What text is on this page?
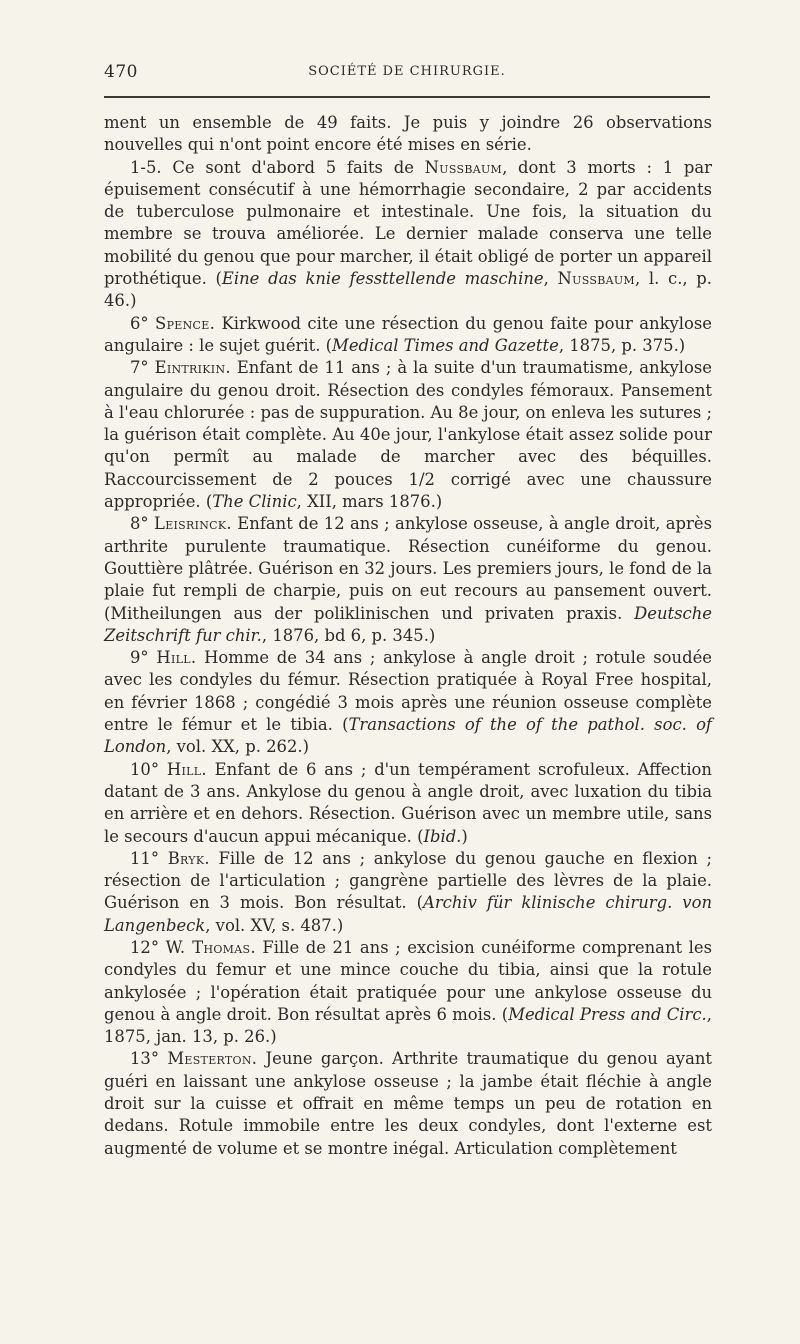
470	SOCIÉTÉ DE CHIRURGIE.

ment un ensemble de 49 faits. Je puis y joindre 26 observations nouvelles qui n'ont point encore été mises en série.

1-5. Ce sont d'abord 5 faits de Nussbaum, dont 3 morts : 1 par épuisement consécutif à une hémorrhagie secondaire, 2 par accidents de tuberculose pulmonaire et intestinale. Une fois, la situation du membre se trouva améliorée. Le dernier malade conserva une telle mobilité du genou que pour marcher, il était obligé de porter un appareil prothétique. (Eine das knie fessttellende maschine, Nussbaum, l. c., p. 46.)

6° Spence. Kirkwood cite une résection du genou faite pour ankylose angulaire : le sujet guérit. (Medical Times and Gazette, 1875, p. 375.)

7° Eintrikin. Enfant de 11 ans ; à la suite d'un traumatisme, ankylose angulaire du genou droit. Résection des condyles fémoraux. Pansement à l'eau chlorurée : pas de suppuration. Au 8e jour, on enleva les sutures ; la guérison était complète. Au 40e jour, l'ankylose était assez solide pour qu'on permît au malade de marcher avec des béquilles. Raccourcissement de 2 pouces 1/2 corrigé avec une chaussure appropriée. (The Clinic, XII, mars 1876.)

8° Leisrinck. Enfant de 12 ans ; ankylose osseuse, à angle droit, après arthrite purulente traumatique. Résection cunéiforme du genou. Gouttière plâtrée. Guérison en 32 jours. Les premiers jours, le fond de la plaie fut rempli de charpie, puis on eut recours au pansement ouvert. (Mitheilungen aus der poliklinischen und privaten praxis. Deutsche Zeitschrift fur chir., 1876, bd 6, p. 345.)

9° Hill. Homme de 34 ans ; ankylose à angle droit ; rotule soudée avec les condyles du fémur. Résection pratiquée à Royal Free hospital, en février 1868 ; congédié 3 mois après une réunion osseuse complète entre le fémur et le tibia. (Transactions of the of the pathol. soc. of London, vol. XX, p. 262.)

10° Hill. Enfant de 6 ans ; d'un tempérament scrofuleux. Affection datant de 3 ans. Ankylose du genou à angle droit, avec luxation du tibia en arrière et en dehors. Résection. Guérison avec un membre utile, sans le secours d'aucun appui mécanique. (Ibid.)

11° Bryk. Fille de 12 ans ; ankylose du genou gauche en flexion ; résection de l'articulation ; gangrène partielle des lèvres de la plaie. Guérison en 3 mois. Bon résultat. (Archiv für klinische chirurg. von Langenbeck, vol. XV, s. 487.)

12° W. Thomas. Fille de 21 ans ; excision cunéiforme comprenant les condyles du femur et une mince couche du tibia, ainsi que la rotule ankylosée ; l'opération était pratiquée pour une ankylose osseuse du genou à angle droit. Bon résultat après 6 mois. (Medical Press and Circ., 1875, jan. 13, p. 26.)

13° Mesterton. Jeune garçon. Arthrite traumatique du genou ayant guéri en laissant une ankylose osseuse ; la jambe était fléchie à angle droit sur la cuisse et offrait en même temps un peu de rotation en dedans. Rotule immobile entre les deux condyles, dont l'externe est augmenté de volume et se montre inégal. Articulation complètement
